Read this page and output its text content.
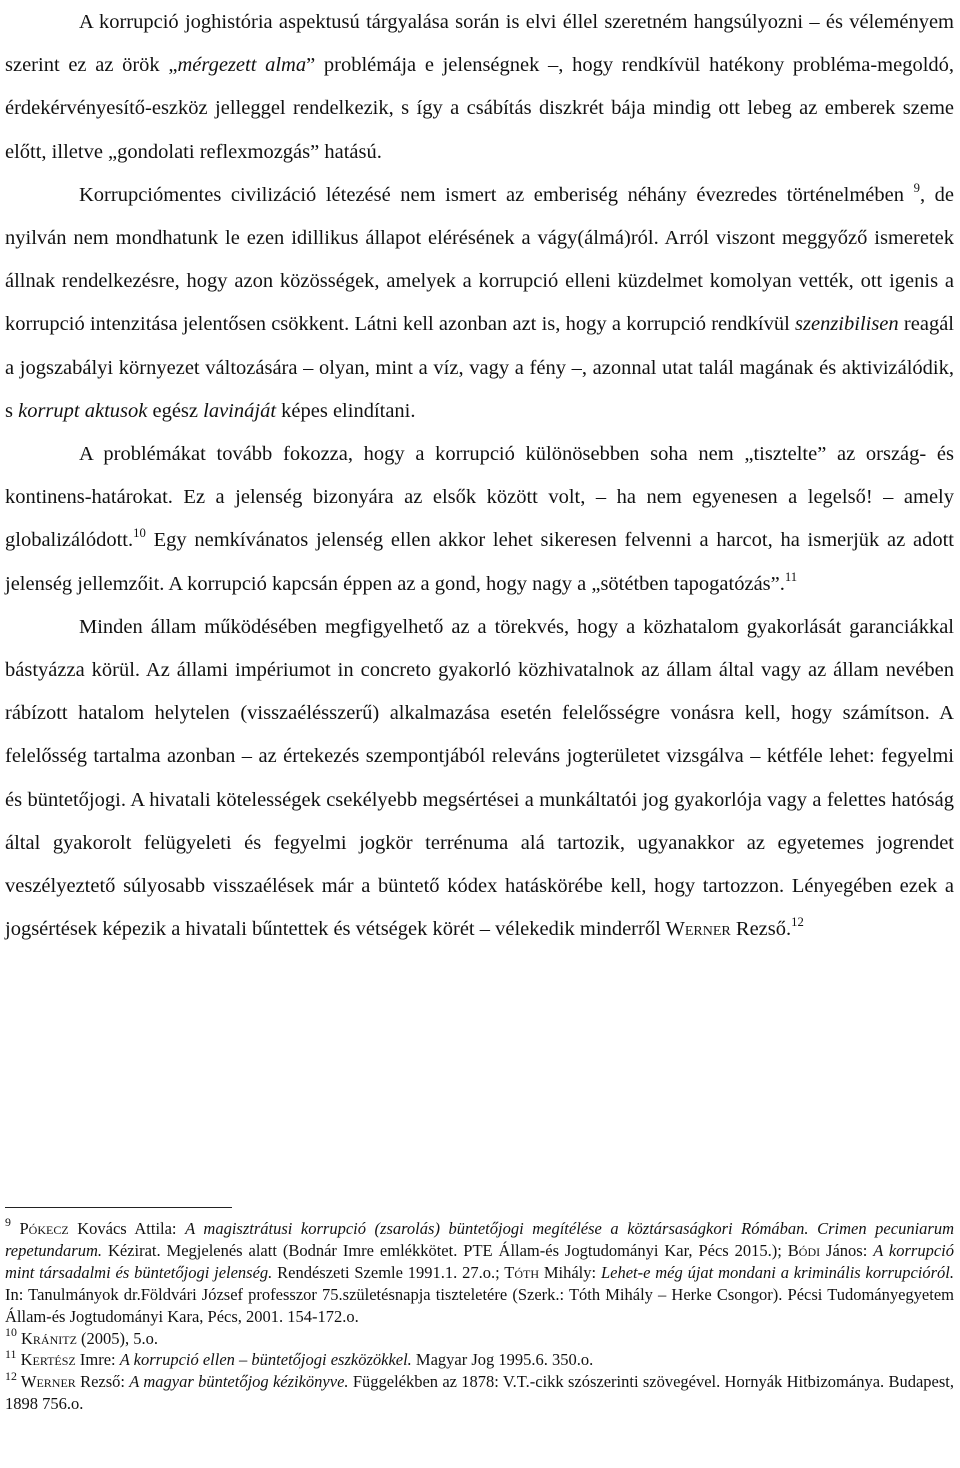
A korrupció joghistória aspektusú tárgyalása során is elvi éllel szeretném hangsúlyozni – és véleményem szerint ez az örök „mérgezett alma” problémája e jelenségnek –, hogy rendkívül hatékony probléma-megoldó, érdekérvényesítő-eszköz jelleggel rendelkezik, s így a csábítás diszkrét bája mindig ott lebeg az emberek szeme előtt, illetve „gondolati reflexmozgás” hatású.

Korrupciómentes civilizáció létezésé nem ismert az emberiség néhány évezredes történelmében $^9$, de nyilván nem mondhatunk le ezen idillikus állapot elérésének a vágy(álmá)ról. Arról viszont meggyőző ismeretek állnak rendelkezésre, hogy azon közösségek, amelyek a korrupció elleni küzdelmet komolyan vették, ott igenis a korrupció intenzitása jelentősen csökkent. Látni kell azonban azt is, hogy a korrupció rendkívül szenzibilisen reagál a jogszabályi környezet változására – olyan, mint a víz, vagy a fény –, azonnal utat talál magának és aktivizálódik, s korrupt aktusok egész lavináját képes elindítani.

A problémákat tovább fokozza, hogy a korrupció különösebben soha nem „tisztelte” az ország- és kontinens-határokat. Ez a jelenség bizonyára az elsők között volt, – ha nem egyenesen a legelső! – amely globalizálódott.$^{10}$ Egy nemkívánatos jelenség ellen akkor lehet sikeresen felvenni a harcot, ha ismerjük az adott jelenség jellemzőit. A korrupció kapcsán éppen az a gond, hogy nagy a „sötétben tapogatózás”.$^{11}$

Minden állam működésében megfigyelhető az a törekvés, hogy a közhatalom gyakorlását garanciákkal bástyázza körül. Az állami impériumot in concreto gyakorló közhivatalnok az állam által vagy az állam nevében rábízott hatalom helytelen (visszaélésszerű) alkalmazása esetén felelősségre vonásra kell, hogy számítson. A felelősség tartalma azonban – az értekezés szempontjából releváns jogterületet vizsgálva – kétféle lehet: fegyelmi és büntetőjogi. A hivatali kötelességek csekélyebb megsértései a munkáltatói jog gyakorlója vagy a felettes hatóság által gyakorolt felügyeleti és fegyelmi jogkör terrénuma alá tartozik, ugyanakkor az egyetemes jogrendet veszélyeztető súlyosabb visszaélések már a büntető kódex hatáskörébe kell, hogy tartozzon. Lényegében ezek a jogsértések képezik a hivatali bűntettek és vétségek körét – vélekedik minderről Werner Rezső.$^{12}$

$^9$ Pókecz Kovács Attila: A magisztrátusi korrupció (zsarolás) büntetőjogi megítélése a köztársaságkori Rómában. Crimen pecuniarum repetundarum. Kézirat. Megjelenés alatt (Bodnár Imre emlékkötet. PTE Állam-és Jogtudományi Kar, Pécs 2015.); Bódi János: A korrupció mint társadalmi és büntetőjogi jelenség. Rendészeti Szemle 1991.1. 27.o.; Tóth Mihály: Lehet-e még újat mondani a kriminális korrupcióról. In: Tanulmányok dr.Földvári József professzor 75.születésnapja tiszteletére (Szerk.: Tóth Mihály – Herke Csongor). Pécsi Tudományegyetem Állam-és Jogtudományi Kara, Pécs, 2001. 154-172.o.

$^{10}$ Kránitz (2005), 5.o.

$^{11}$ Kertész Imre: A korrupció ellen – büntetőjogi eszközökkel. Magyar Jog 1995.6. 350.o.

$^{12}$ Werner Rezső: A magyar büntetőjog kézikönyve. Függelékben az 1878: V.T.-cikk szószerinti szövegével. Hornyák Hitbizománya. Budapest, 1898 756.o.
